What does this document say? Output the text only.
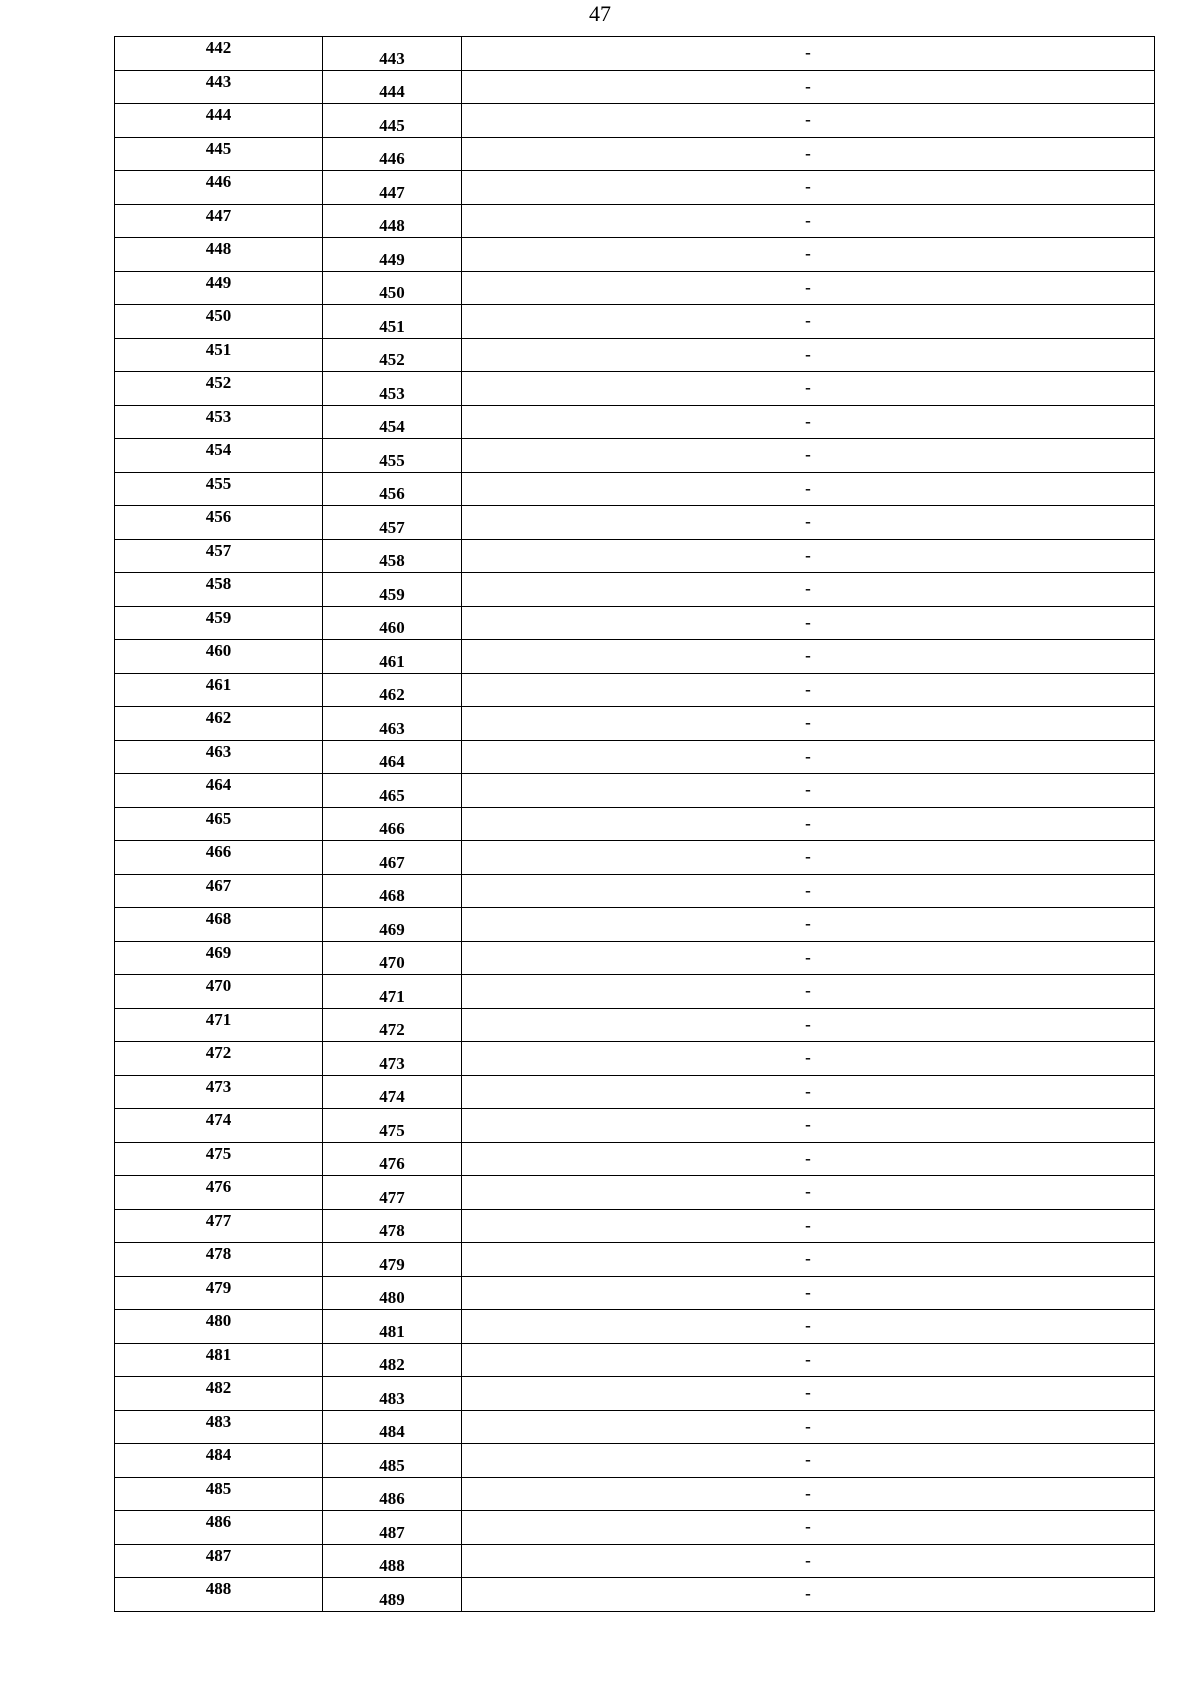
47
442	443	-
443	444	-
444	445	-
445	446	-
446	447	-
447	448	-
448	449	-
449	450	-
450	451	-
451	452	-
452	453	-
453	454	-
454	455	-
455	456	-
456	457	-
457	458	-
458	459	-
459	460	-
460	461	-
461	462	-
462	463	-
463	464	-
464	465	-
465	466	-
466	467	-
467	468	-
468	469	-
469	470	-
470	471	-
471	472	-
472	473	-
473	474	-
474	475	-
475	476	-
476	477	-
477	478	-
478	479	-
479	480	-
480	481	-
481	482	-
482	483	-
483	484	-
484	485	-
485	486	-
486	487	-
487	488	-
488	489	-
